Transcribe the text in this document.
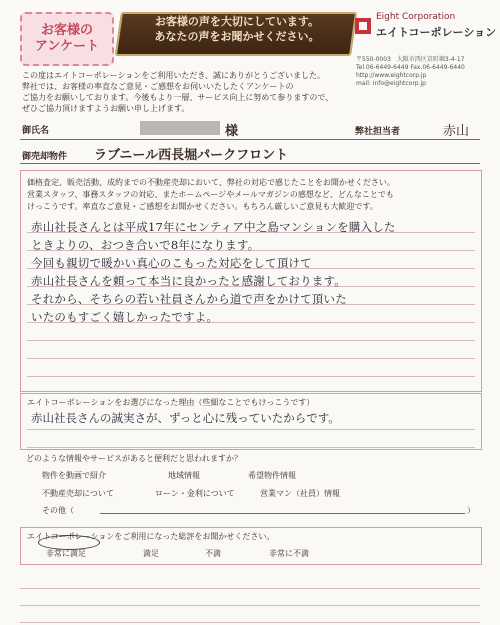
お客様の
アンケート
お客様の声を大切にしています。
あなたの声をお聞かせください。
Eight Corporation
エイトコーポレーション
〒550-0003　大阪市西区京町堀3-4-17
Tel.06-6449-6449 Fax.06-6449-6440
http://www.eightcorp.jp
mail: info@eightcorp.jp
この度はエイトコーポレーションをご利用いただき、誠にありがとうございました。
弊社では、お客様の率直なご意見・ご感想をお伺いいたしたくアンケートの
ご協力をお願いしております。今後もより一層、サービス向上に努めて参りますので、
ぜひご協力頂けますようお願い申し上げます。
御氏名	様	弊社担当者	赤山
御売却物件 ラブニール西長堀パークフロント
価格査定、販売活動、成約までの不動産売却において、弊社の対応で感じたことをお聞かせください。
営業スタッフ、事務スタッフの対応、またホームページやメールマガジンの感想など、どんなことでも
けっこうです。率直なご意見・ご感想をお聞かせください。もちろん厳しいご意見も大歓迎です。
赤山社長さんとは平成17年にセンティア中之島マンションを購入した
ときよりの、おつき合いで8年になります。
今回も親切で暖かい真心のこもった対応をして頂けて
赤山社長さんを頼って本当に良かったと感謝しております。
それから、そちらの若い社員さんから道で声をかけて頂いた
いたのもすごく嬉しかったですよ。
エイトコーポレーションをお選びになった理由（些細なことでもけっこうです）
赤山社長さんの誠実さが、ずっと心に残っていたからです。
どのような情報やサービスがあると便利だと思われますか？
物件を動画で紹介	地域情報	希望物件情報
不動産売却について	ローン・金利について	営業マン（社員）情報
その他（	）
エイトコーポレーションをご利用になった総評をお聞かせください。
非常に満足	満足	不満	非常に不満
